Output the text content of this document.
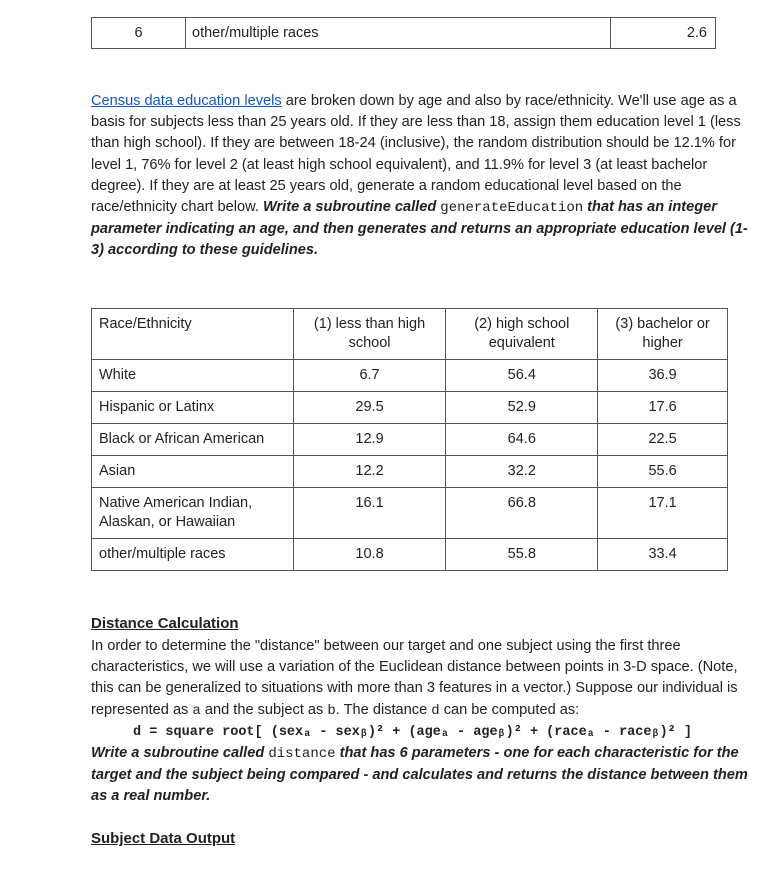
6	other/multiple races	2.6

Census data education levels are broken down by age and also by race/ethnicity. We'll use age as a basis for subjects less than 25 years old. If they are less than 18, assign them education level 1 (less than high school). If they are between 18-24 (inclusive), the random distribution should be 12.1% for level 1, 76% for level 2 (at least high school equivalent), and 11.9% for level 3 (at least bachelor degree). If they are at least 25 years old, generate a random educational level based on the race/ethnicity chart below. Write a subroutine called generateEducation that has an integer parameter indicating an age, and then generates and returns an appropriate education level (1-3) according to these guidelines.

Race/Ethnicity	(1) less than high school	(2) high school equivalent	(3) bachelor or higher
White	6.7	56.4	36.9
Hispanic or Latinx	29.5	52.9	17.6
Black or African American	12.9	64.6	22.5
Asian	12.2	32.2	55.6
Native American Indian, Alaskan, or Hawaiian	16.1	66.8	17.1
other/multiple races	10.8	55.8	33.4
Distance Calculation

In order to determine the "distance" between our target and one subject using the first three characteristics, we will use a variation of the Euclidean distance between points in 3-D space. (Note, this can be generalized to situations with more than 3 features in a vector.) Suppose our individual is represented as a and the subject as b. The distance d can be computed as:
d = square root[ (sexₐ - sexᵦ)² + (ageₐ - ageᵦ)² + (raceₐ - raceᵦ)² ]
Write a subroutine called distance that has 6 parameters - one for each characteristic for the target and the subject being compared - and calculates and returns the distance between them as a real number.

Subject Data Output
